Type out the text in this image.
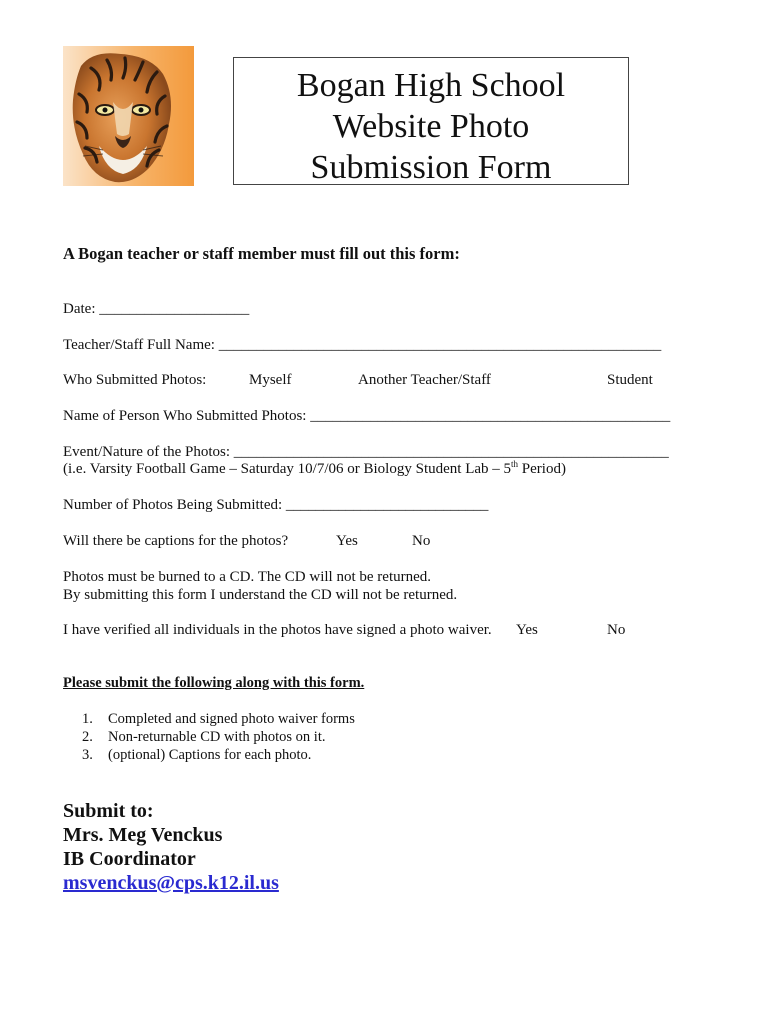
Bogan High School
Website Photo
Submission Form
A Bogan teacher or staff member must fill out this form:
Date: ____________________
Teacher/Staff Full Name: ___________________________________________________________
Who Submitted Photos:	Myself	Another Teacher/Staff	Student
Name of Person Who Submitted Photos: ________________________________________________
Event/Nature of the Photos: __________________________________________________________
(i.e. Varsity Football Game – Saturday 10/7/06 or Biology Student Lab – 5th Period)
Number of Photos Being Submitted: ___________________________
Will there be captions for the photos?	Yes	No
Photos must be burned to a CD. The CD will not be returned.
By submitting this form I understand the CD will not be returned.
I have verified all individuals in the photos have signed a photo waiver. Yes	No
Please submit the following along with this form.
1. Completed and signed photo waiver forms
2. Non-returnable CD with photos on it.
3. (optional) Captions for each photo.
Submit to:
Mrs. Meg Venckus
IB Coordinator
msvenckus@cps.k12.il.us
